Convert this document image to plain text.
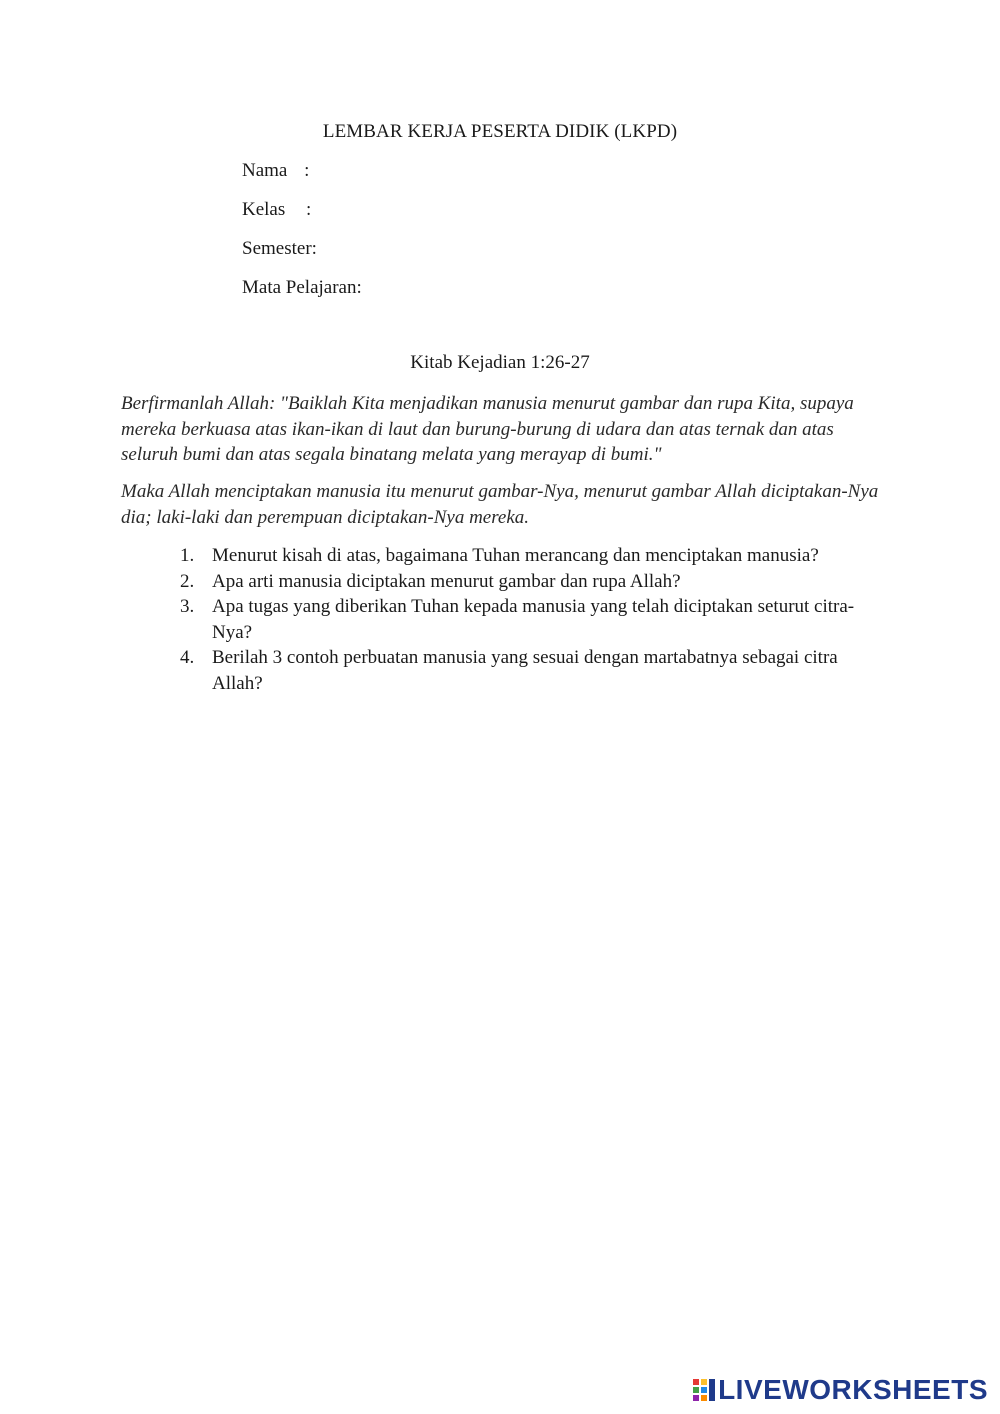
LEMBAR KERJA PESERTA DIDIK (LKPD)
Nama :
Kelas :
Semester:
Mata Pelajaran:
Kitab Kejadian 1:26-27
Berfirmanlah Allah: "Baiklah Kita menjadikan manusia menurut gambar dan rupa Kita, supaya mereka berkuasa atas ikan-ikan di laut dan burung-burung di udara dan atas ternak dan atas seluruh bumi dan atas segala binatang melata yang merayap di bumi."
Maka Allah menciptakan manusia itu menurut gambar-Nya, menurut gambar Allah diciptakan-Nya dia; laki-laki dan perempuan diciptakan-Nya mereka.
1. Menurut kisah di atas, bagaimana Tuhan merancang dan menciptakan manusia?
2. Apa arti manusia diciptakan menurut gambar dan rupa Allah?
3. Apa tugas yang diberikan Tuhan kepada manusia yang telah diciptakan seturut citra-Nya?
4. Berilah 3 contoh perbuatan manusia yang sesuai dengan martabatnya sebagai citra Allah?
LIVEWORKSHEETS
